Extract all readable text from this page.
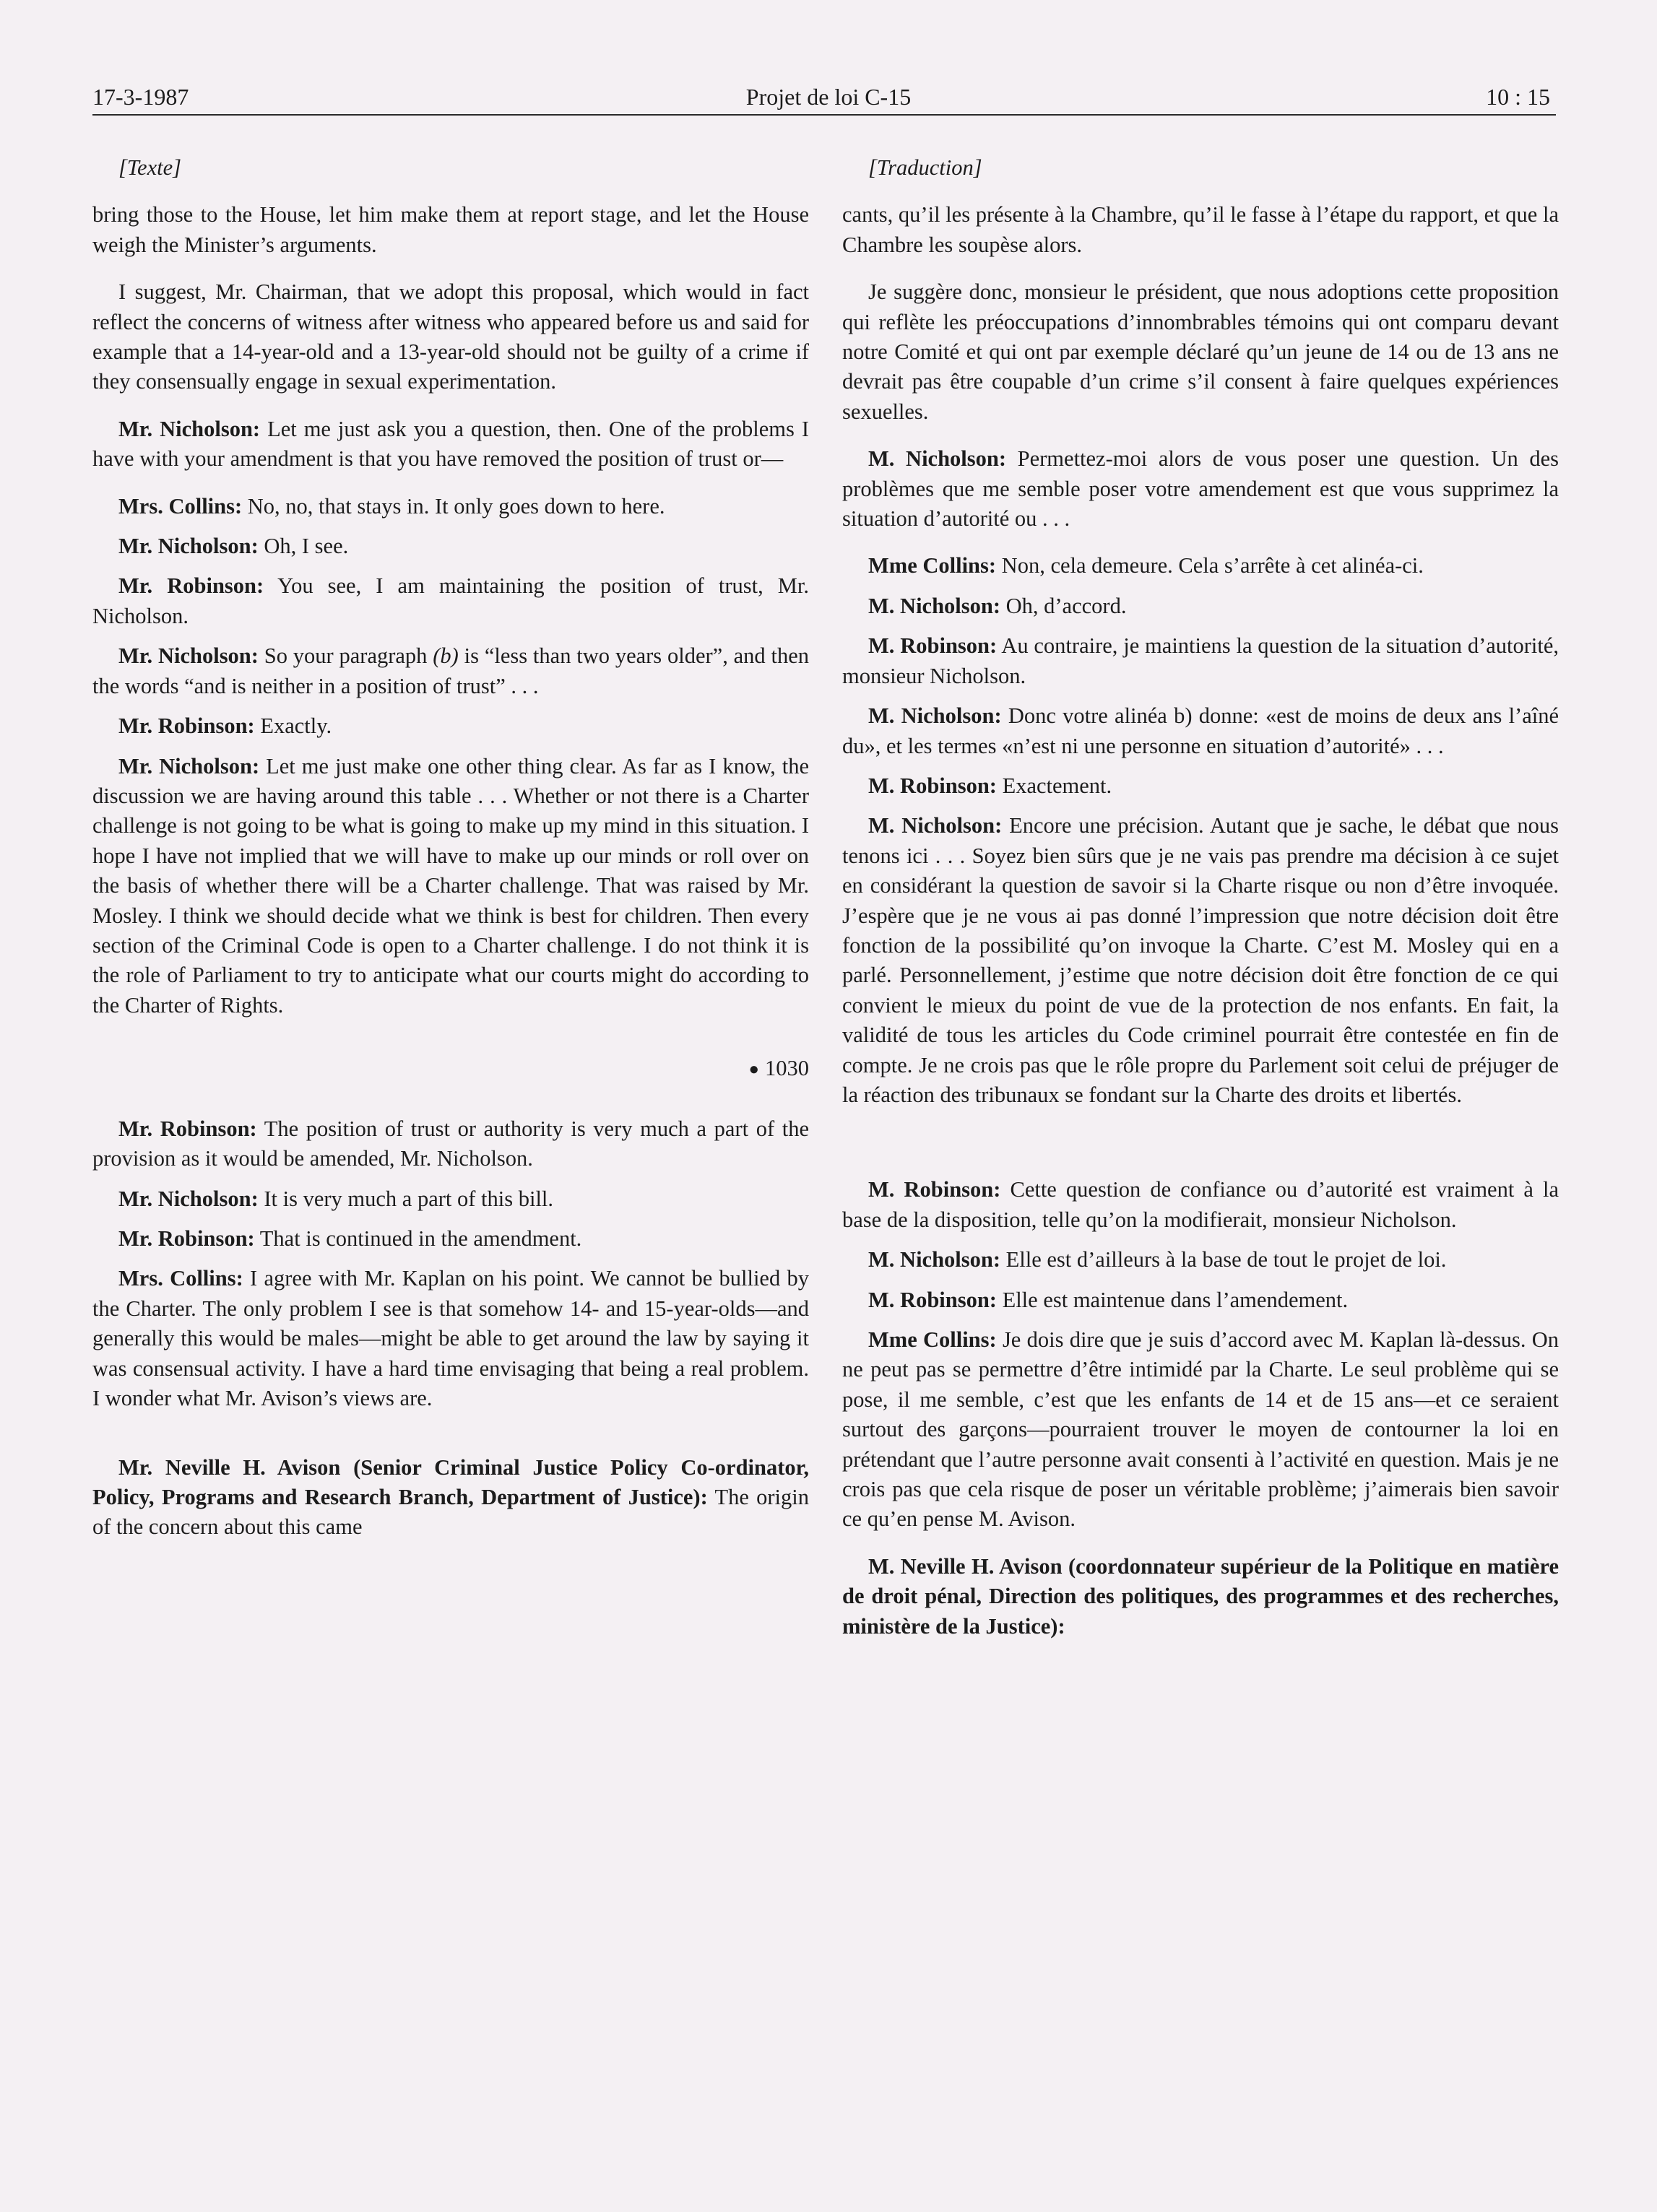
17-3-1987	Projet de loi C-15	10 : 15

[Texte]

bring those to the House, let him make them at report stage, and let the House weigh the Minister’s arguments.

I suggest, Mr. Chairman, that we adopt this proposal, which would in fact reflect the concerns of witness after witness who appeared before us and said for example that a 14-year-old and a 13-year-old should not be guilty of a crime if they consensually engage in sexual experimentation.

Mr. Nicholson: Let me just ask you a question, then. One of the problems I have with your amendment is that you have removed the position of trust or—

Mrs. Collins: No, no, that stays in. It only goes down to here.

Mr. Nicholson: Oh, I see.

Mr. Robinson: You see, I am maintaining the position of trust, Mr. Nicholson.

Mr. Nicholson: So your paragraph (b) is “less than two years older”, and then the words “and is neither in a position of trust” . . .

Mr. Robinson: Exactly.

Mr. Nicholson: Let me just make one other thing clear. As far as I know, the discussion we are having around this table . . . Whether or not there is a Charter challenge is not going to be what is going to make up my mind in this situation. I hope I have not implied that we will have to make up our minds or roll over on the basis of whether there will be a Charter challenge. That was raised by Mr. Mosley. I think we should decide what we think is best for children. Then every section of the Criminal Code is open to a Charter challenge. I do not think it is the role of Parliament to try to anticipate what our courts might do according to the Charter of Rights.

● 1030

Mr. Robinson: The position of trust or authority is very much a part of the provision as it would be amended, Mr. Nicholson.

Mr. Nicholson: It is very much a part of this bill.

Mr. Robinson: That is continued in the amendment.

Mrs. Collins: I agree with Mr. Kaplan on his point. We cannot be bullied by the Charter. The only problem I see is that somehow 14- and 15-year-olds—and generally this would be males—might be able to get around the law by saying it was consensual activity. I have a hard time envisaging that being a real problem. I wonder what Mr. Avison’s views are.

Mr. Neville H. Avison (Senior Criminal Justice Policy Co-ordinator, Policy, Programs and Research Branch, Department of Justice): The origin of the concern about this came

[Traduction]

cants, qu’il les présente à la Chambre, qu’il le fasse à l’étape du rapport, et que la Chambre les soupèse alors.

Je suggère donc, monsieur le président, que nous adoptions cette proposition qui reflète les préoccupations d’innombrables témoins qui ont comparu devant notre Comité et qui ont par exemple déclaré qu’un jeune de 14 ou de 13 ans ne devrait pas être coupable d’un crime s’il consent à faire quelques expériences sexuelles.

M. Nicholson: Permettez-moi alors de vous poser une question. Un des problèmes que me semble poser votre amendement est que vous supprimez la situation d’autorité ou . . .

Mme Collins: Non, cela demeure. Cela s’arrête à cet alinéa-ci.

M. Nicholson: Oh, d’accord.

M. Robinson: Au contraire, je maintiens la question de la situation d’autorité, monsieur Nicholson.

M. Nicholson: Donc votre alinéa b) donne: «est de moins de deux ans l’aîné du», et les termes «n’est ni une personne en situation d’autorité» . . .

M. Robinson: Exactement.

M. Nicholson: Encore une précision. Autant que je sache, le débat que nous tenons ici . . . Soyez bien sûrs que je ne vais pas prendre ma décision à ce sujet en considérant la question de savoir si la Charte risque ou non d’être invoquée. J’espère que je ne vous ai pas donné l’impression que notre décision doit être fonction de la possibilité qu’on invoque la Charte. C’est M. Mosley qui en a parlé. Personnellement, j’estime que notre décision doit être fonction de ce qui convient le mieux du point de vue de la protection de nos enfants. En fait, la validité de tous les articles du Code criminel pourrait être contestée en fin de compte. Je ne crois pas que le rôle propre du Parlement soit celui de préjuger de la réaction des tribunaux se fondant sur la Charte des droits et libertés.

M. Robinson: Cette question de confiance ou d’autorité est vraiment à la base de la disposition, telle qu’on la modifierait, monsieur Nicholson.

M. Nicholson: Elle est d’ailleurs à la base de tout le projet de loi.

M. Robinson: Elle est maintenue dans l’amendement.

Mme Collins: Je dois dire que je suis d’accord avec M. Kaplan là-dessus. On ne peut pas se permettre d’être intimidé par la Charte. Le seul problème qui se pose, il me semble, c’est que les enfants de 14 et de 15 ans—et ce seraient surtout des garçons—pourraient trouver le moyen de contourner la loi en prétendant que l’autre personne avait consenti à l’activité en question. Mais je ne crois pas que cela risque de poser un véritable problème; j’aimerais bien savoir ce qu’en pense M. Avison.

M. Neville H. Avison (coordonnateur supérieur de la Politique en matière de droit pénal, Direction des politiques, des programmes et des recherches, ministère de la Justice):
